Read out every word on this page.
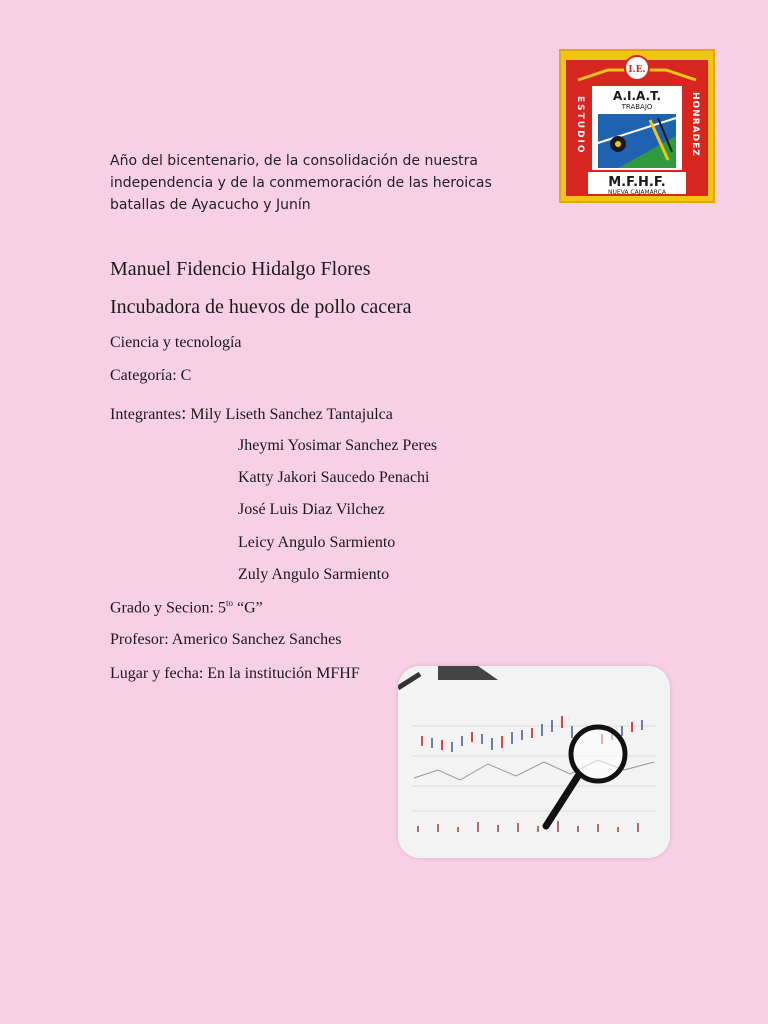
Año del bicentenario, de la consolidación de nuestra independencia y de la conmemoración de las heroicas batallas de Ayacucho y Junín
I.E.
A.I.A.T.
TRABAJO
ESTUDIO	HONRADEZ
M.F.H.F.
NUEVA CAJAMARCA
Manuel Fidencio Hidalgo Flores
Incubadora de huevos de pollo cacera
Ciencia y tecnología
Categoría: C
Integrantes: Mily Liseth Sanchez Tantajulca
Jheymi Yosimar Sanchez Peres
Katty Jakori Saucedo Penachi
José Luis Diaz Vilchez
Leicy Angulo Sarmiento
Zuly Angulo Sarmiento
Grado y Secion: $5^{to}$ “G”
Profesor: Americo Sanchez Sanches
Lugar y fecha: En la institución MFHF
